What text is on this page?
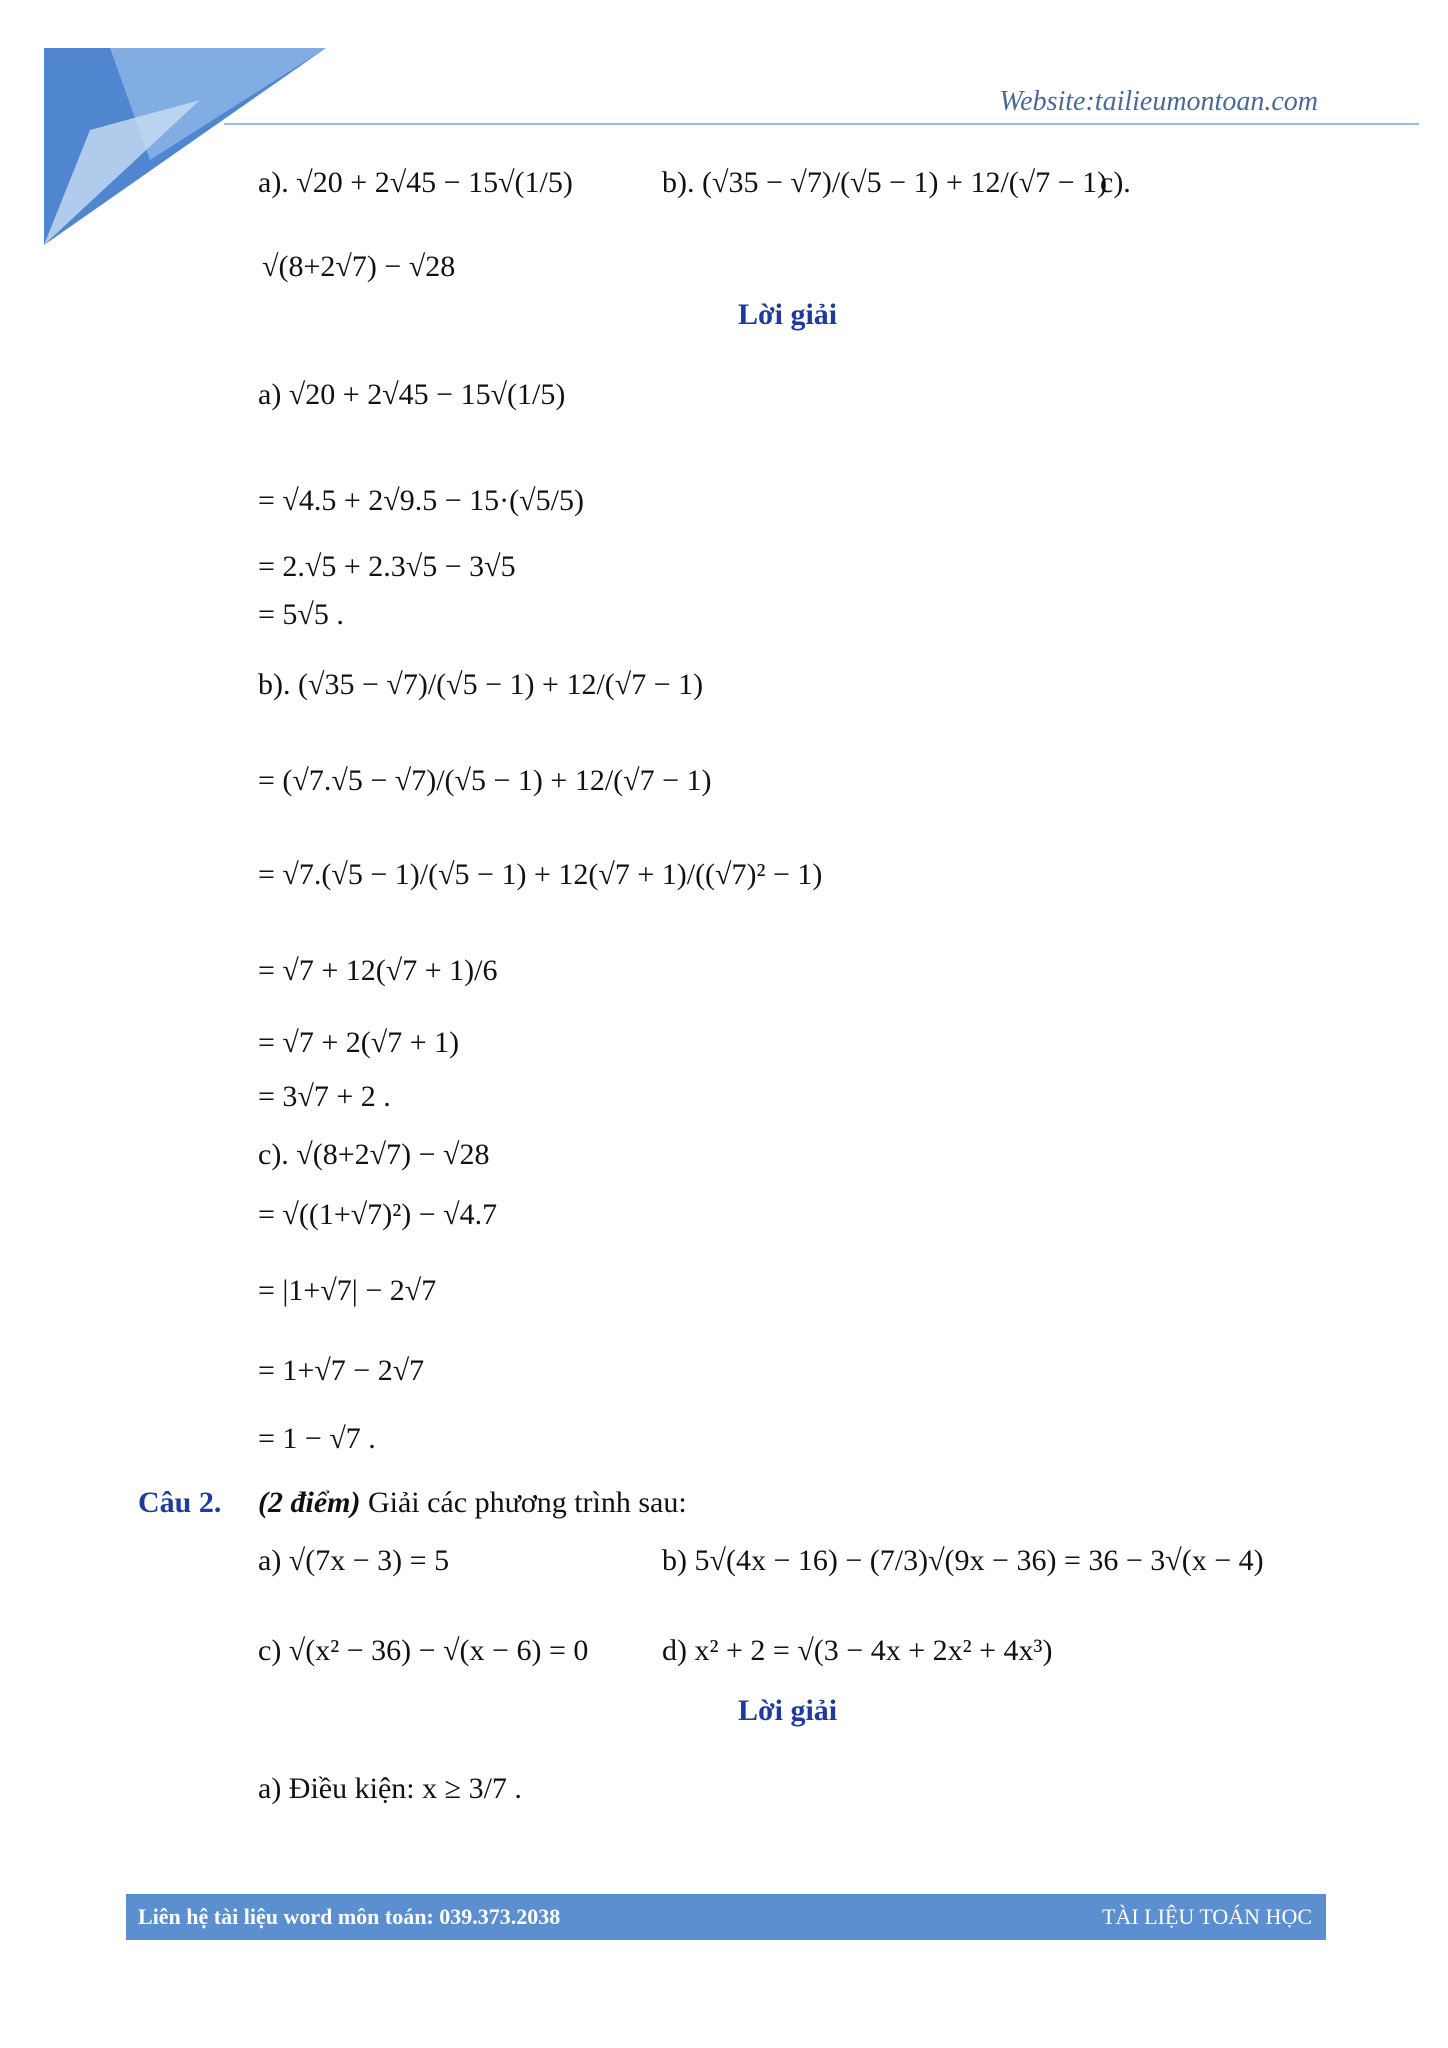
Website:tailieumontoan.com
a). √20 + 2√45 − 15√(1/5)	b). (√35 − √7)/(√5 − 1) + 12/(√7 − 1)
c).
√(8+2√7) − √28
Lời giải
a) √20 + 2√45 − 15√(1/5)
= √4.5 + 2√9.5 − 15·(√5/5)
= 2.√5 + 2.3√5 − 3√5
= 5√5 .
b). (√35 − √7)/(√5 − 1) + 12/(√7 − 1)
= (√7.√5 − √7)/(√5 − 1) + 12/(√7 − 1)
= √7.(√5 − 1)/(√5 − 1) + 12(√7 + 1)/((√7)² − 1)
= √7 + 12(√7 + 1)/6
= √7 + 2(√7 + 1)
= 3√7 + 2 .
c). √(8+2√7) − √28
= √((1+√7)²) − √4.7
= |1+√7| − 2√7
= 1+√7 − 2√7
= 1 − √7 .
Câu 2. (2 điểm) Giải các phương trình sau:
a) √(7x − 3) = 5	b) 5√(4x − 16) − (7/3)√(9x − 36) = 36 − 3√(x − 4)
c) √(x² − 36) − √(x − 6) = 0 d) x² + 2 = √(3 − 4x + 2x² + 4x³)
Lời giải
a) Điều kiện: x ≥ 3/7 .
Liên hệ tài liệu word môn toán: 039.373.2038	TÀI LIỆU TOÁN HỌC
